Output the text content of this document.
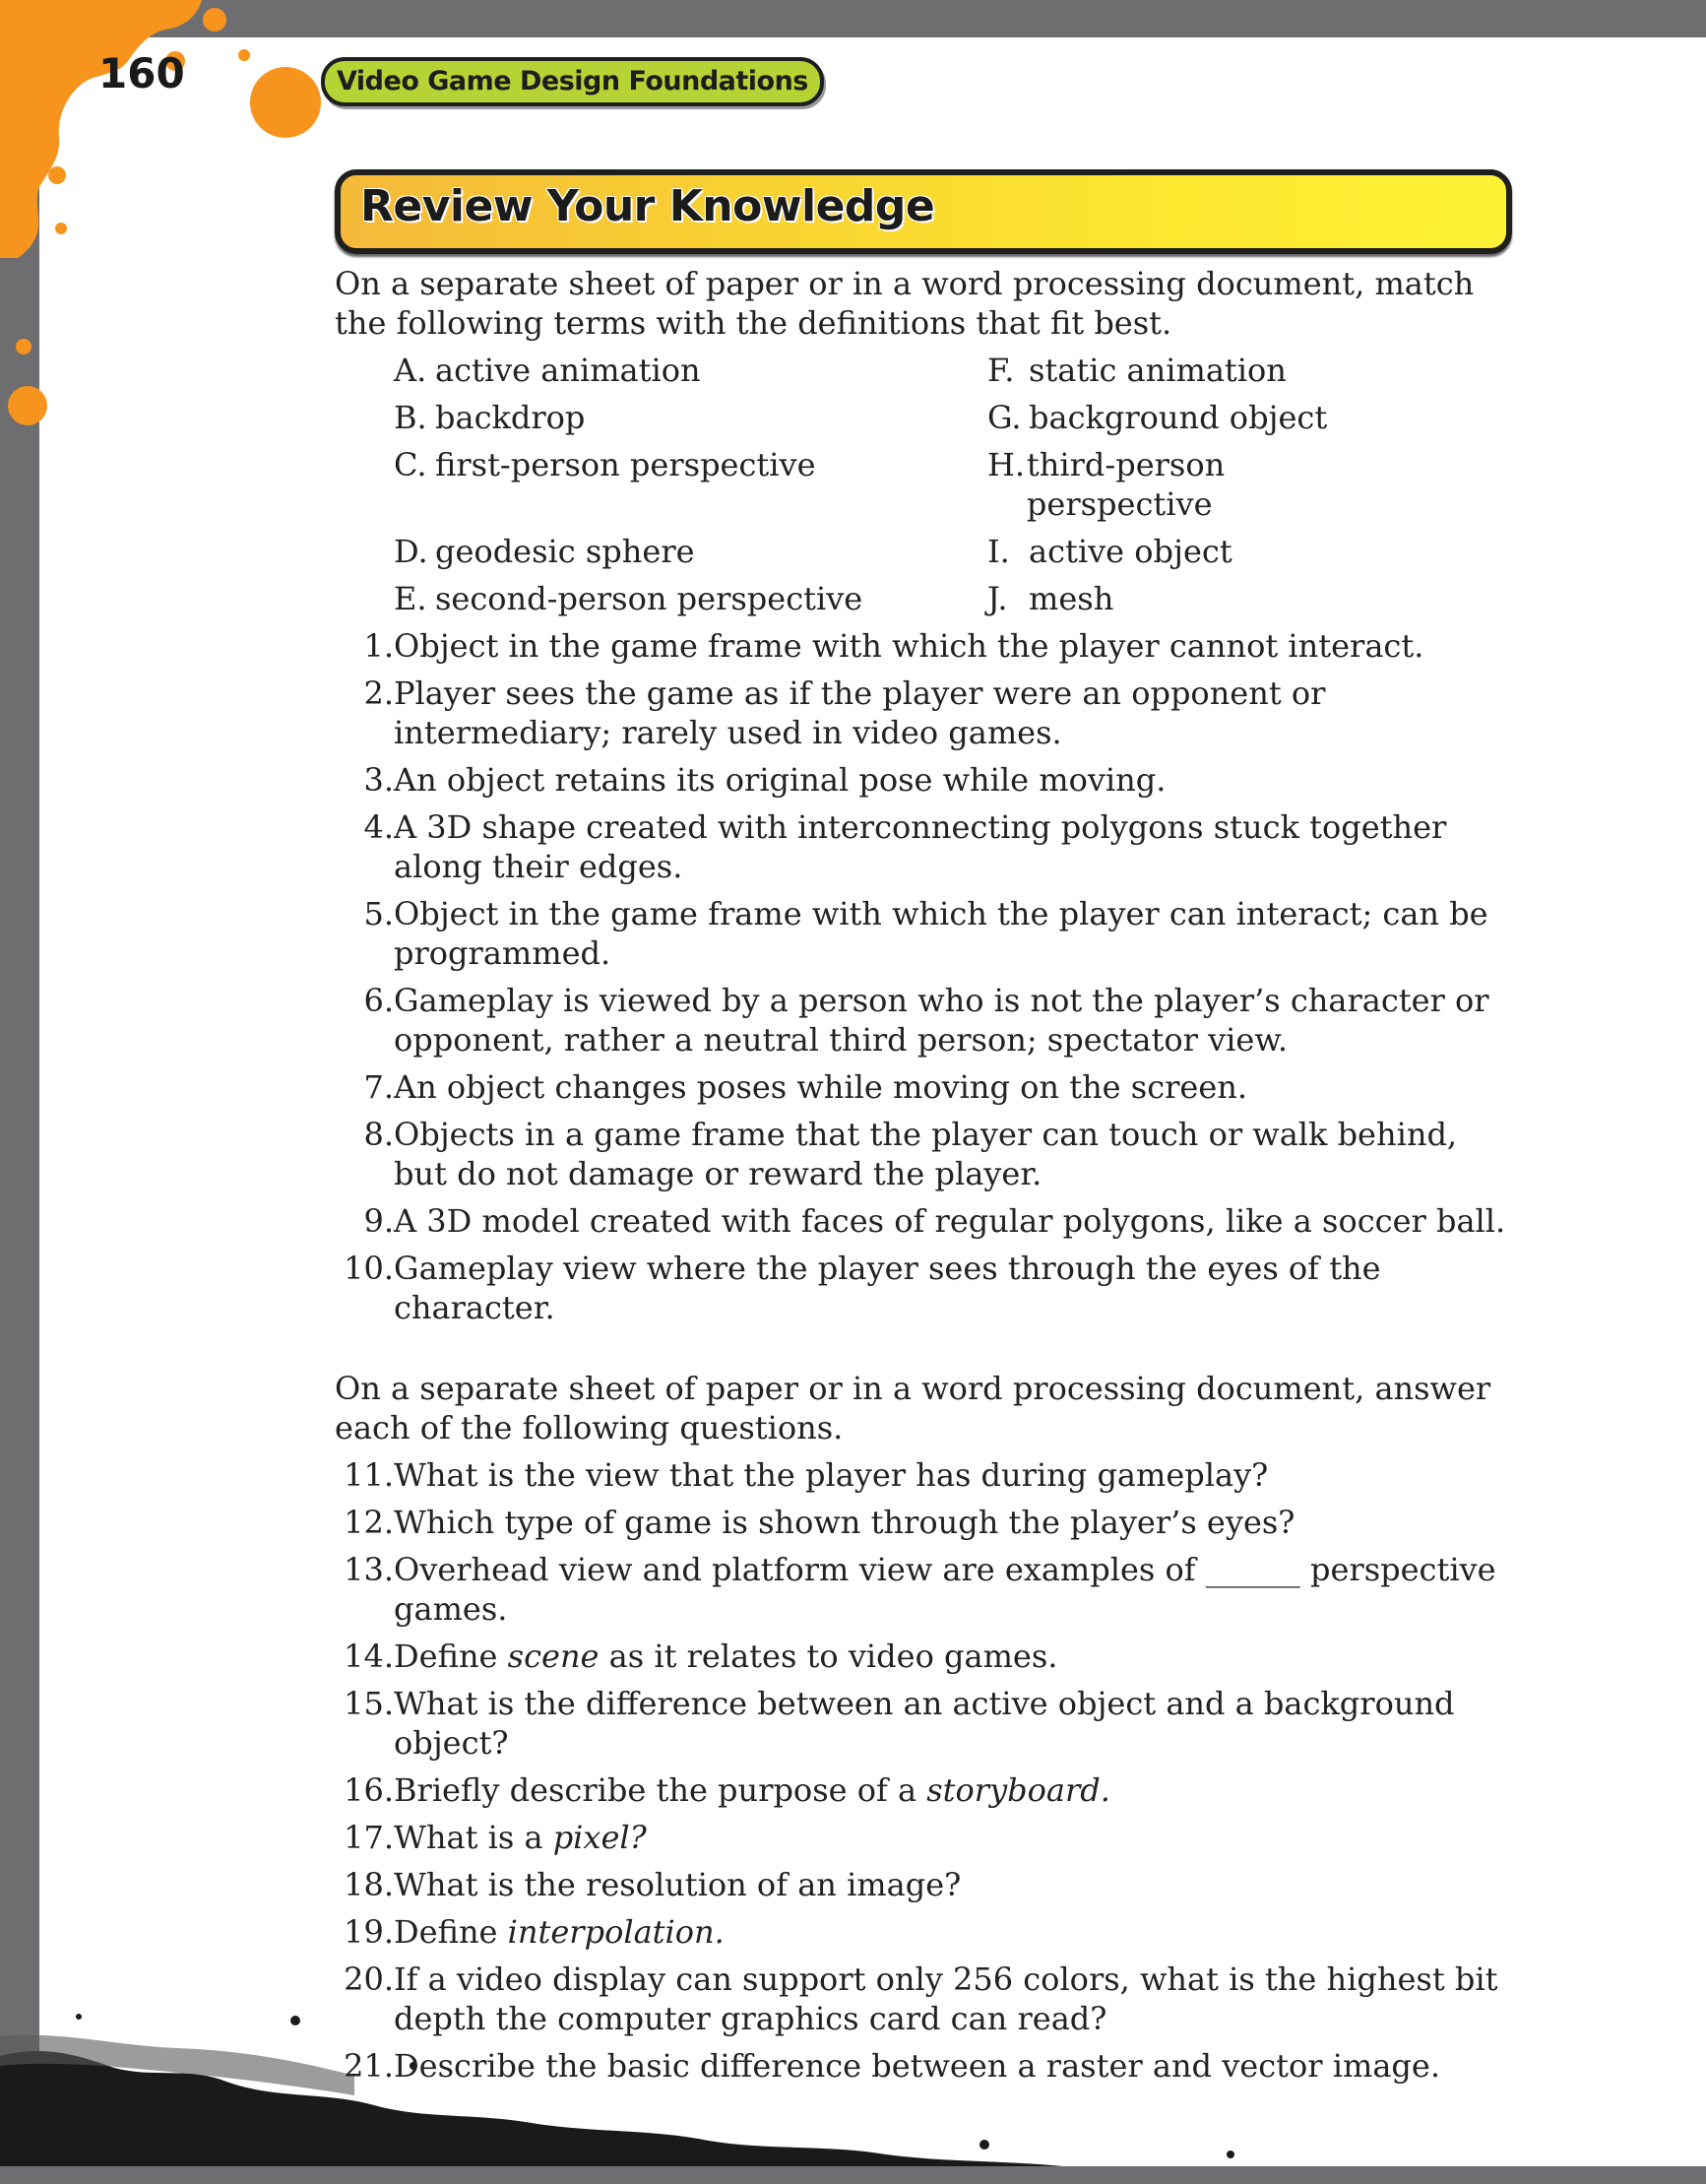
160	Video Game Design Foundations
Review Your Knowledge

On a separate sheet of paper or in a word processing document, match the following terms with the definitions that fit best.

A. active animation	F. static animation
B. backdrop	G. background object
C. first-person perspective	H. third-person perspective
D. geodesic sphere	I. active object
E. second-person perspective	J. mesh
1. Object in the game frame with which the player cannot interact.
2. Player sees the game as if the player were an opponent or intermediary; rarely used in video games.
3. An object retains its original pose while moving.
4. A 3D shape created with interconnecting polygons stuck together along their edges.
5. Object in the game frame with which the player can interact; can be programmed.
6. Gameplay is viewed by a person who is not the player’s character or opponent, rather a neutral third person; spectator view.
7. An object changes poses while moving on the screen.
8. Objects in a game frame that the player can touch or walk behind, but do not damage or reward the player.
9. A 3D model created with faces of regular polygons, like a soccer ball.
10. Gameplay view where the player sees through the eyes of the character.

On a separate sheet of paper or in a word processing document, answer each of the following questions.

11. What is the view that the player has during gameplay?
12. Which type of game is shown through the player’s eyes?
13. Overhead view and platform view are examples of ______ perspective games.
14. Define scene as it relates to video games.
15. What is the difference between an active object and a background object?
16. Briefly describe the purpose of a storyboard.
17. What is a pixel?
18. What is the resolution of an image?
19. Define interpolation.
20. If a video display can support only 256 colors, what is the highest bit depth the computer graphics card can read?
21. Describe the basic difference between a raster and vector image.
